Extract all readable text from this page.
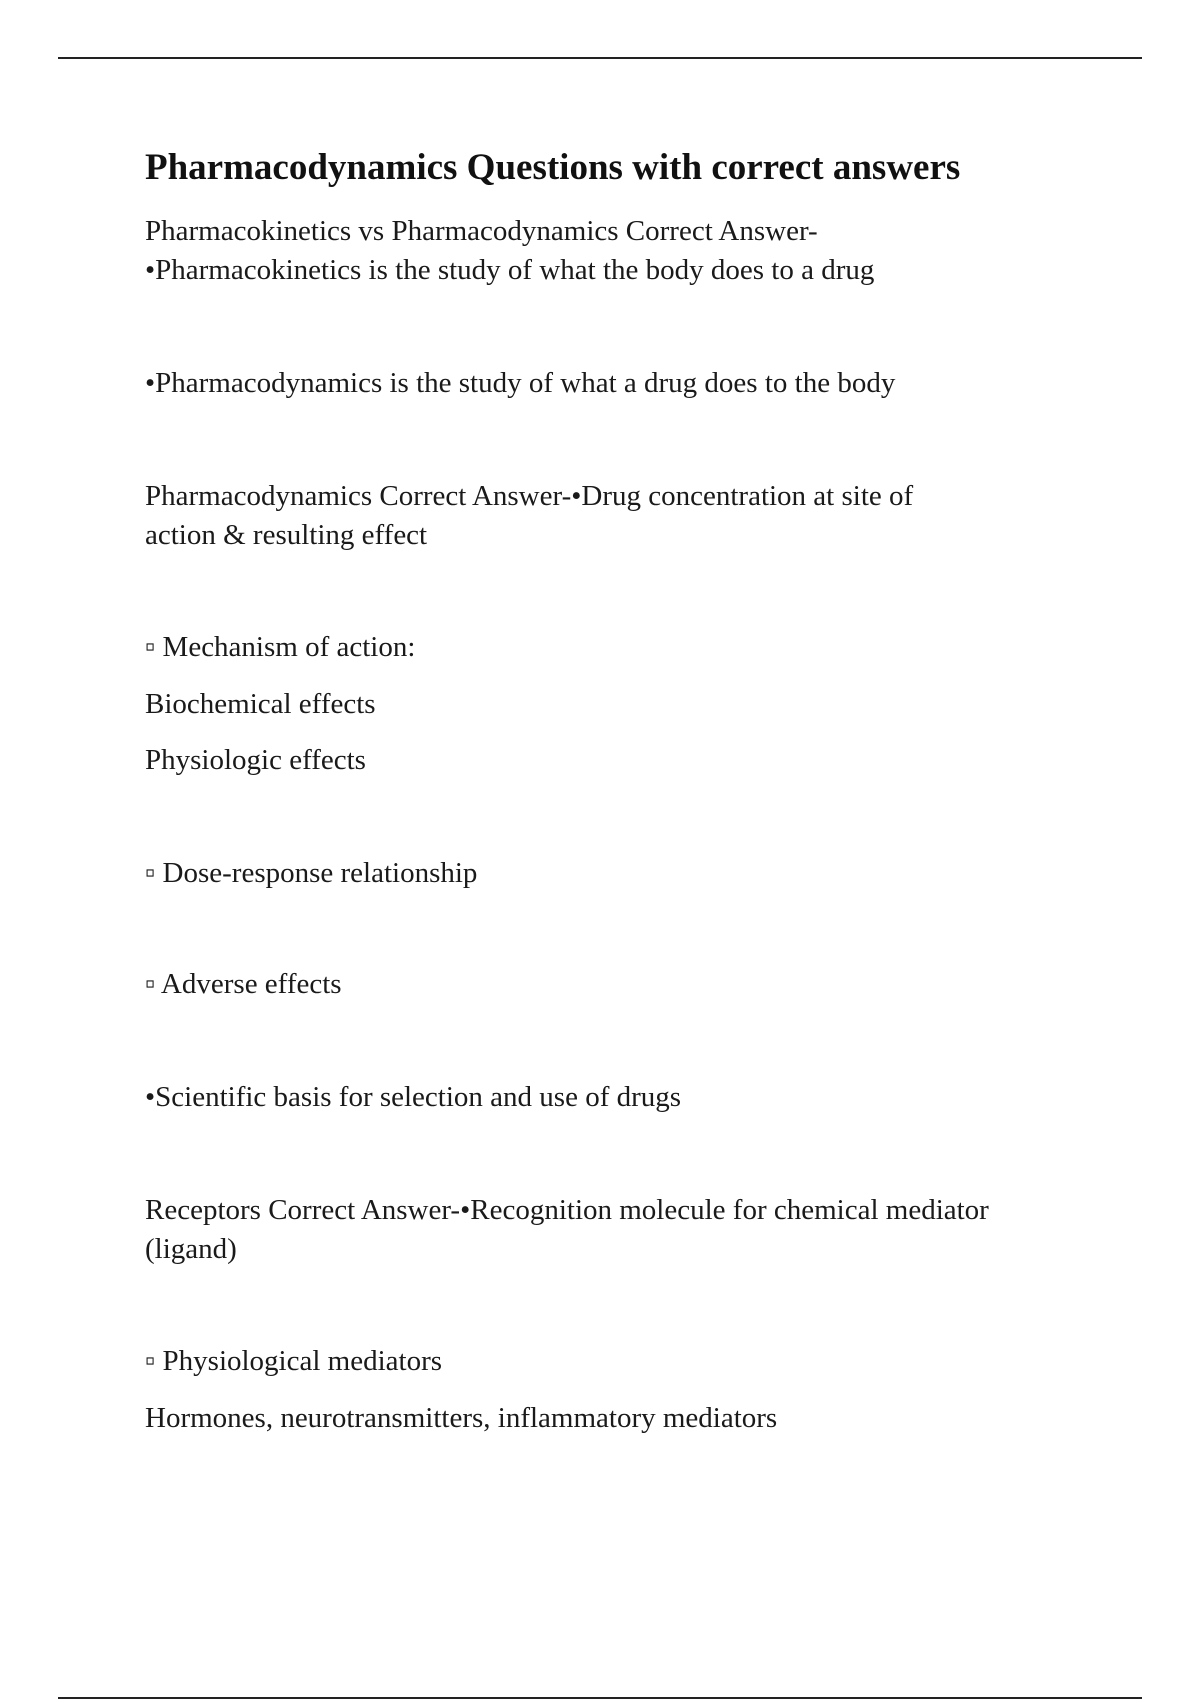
Pharmacodynamics Questions with correct answers

Pharmacokinetics vs Pharmacodynamics Correct Answer-

•Pharmacokinetics is the study of what the body does to a drug

•Pharmacodynamics is the study of what a drug does to the body

Pharmacodynamics Correct Answer-•Drug concentration at site of

action & resulting effect

▫ Mechanism of action:

Biochemical effects

Physiologic effects

▫ Dose-response relationship

▫ Adverse effects

•Scientific basis for selection and use of drugs

Receptors Correct Answer-•Recognition molecule for chemical mediator

(ligand)

▫ Physiological mediators

Hormones, neurotransmitters, inflammatory mediators
